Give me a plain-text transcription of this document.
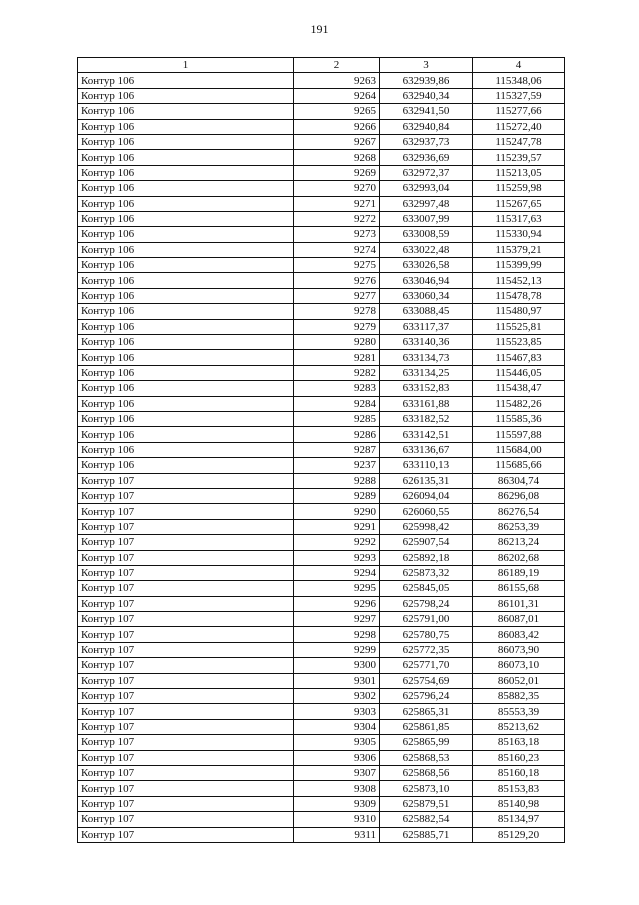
191
1	2	3	4
Контур 106	9263	632939,86	115348,06
Контур 106	9264	632940,34	115327,59
Контур 106	9265	632941,50	115277,66
Контур 106	9266	632940,84	115272,40
Контур 106	9267	632937,73	115247,78
Контур 106	9268	632936,69	115239,57
Контур 106	9269	632972,37	115213,05
Контур 106	9270	632993,04	115259,98
Контур 106	9271	632997,48	115267,65
Контур 106	9272	633007,99	115317,63
Контур 106	9273	633008,59	115330,94
Контур 106	9274	633022,48	115379,21
Контур 106	9275	633026,58	115399,99
Контур 106	9276	633046,94	115452,13
Контур 106	9277	633060,34	115478,78
Контур 106	9278	633088,45	115480,97
Контур 106	9279	633117,37	115525,81
Контур 106	9280	633140,36	115523,85
Контур 106	9281	633134,73	115467,83
Контур 106	9282	633134,25	115446,05
Контур 106	9283	633152,83	115438,47
Контур 106	9284	633161,88	115482,26
Контур 106	9285	633182,52	115585,36
Контур 106	9286	633142,51	115597,88
Контур 106	9287	633136,67	115684,00
Контур 106	9237	633110,13	115685,66
Контур 107	9288	626135,31	86304,74
Контур 107	9289	626094,04	86296,08
Контур 107	9290	626060,55	86276,54
Контур 107	9291	625998,42	86253,39
Контур 107	9292	625907,54	86213,24
Контур 107	9293	625892,18	86202,68
Контур 107	9294	625873,32	86189,19
Контур 107	9295	625845,05	86155,68
Контур 107	9296	625798,24	86101,31
Контур 107	9297	625791,00	86087,01
Контур 107	9298	625780,75	86083,42
Контур 107	9299	625772,35	86073,90
Контур 107	9300	625771,70	86073,10
Контур 107	9301	625754,69	86052,01
Контур 107	9302	625796,24	85882,35
Контур 107	9303	625865,31	85553,39
Контур 107	9304	625861,85	85213,62
Контур 107	9305	625865,99	85163,18
Контур 107	9306	625868,53	85160,23
Контур 107	9307	625868,56	85160,18
Контур 107	9308	625873,10	85153,83
Контур 107	9309	625879,51	85140,98
Контур 107	9310	625882,54	85134,97
Контур 107	9311	625885,71	85129,20
